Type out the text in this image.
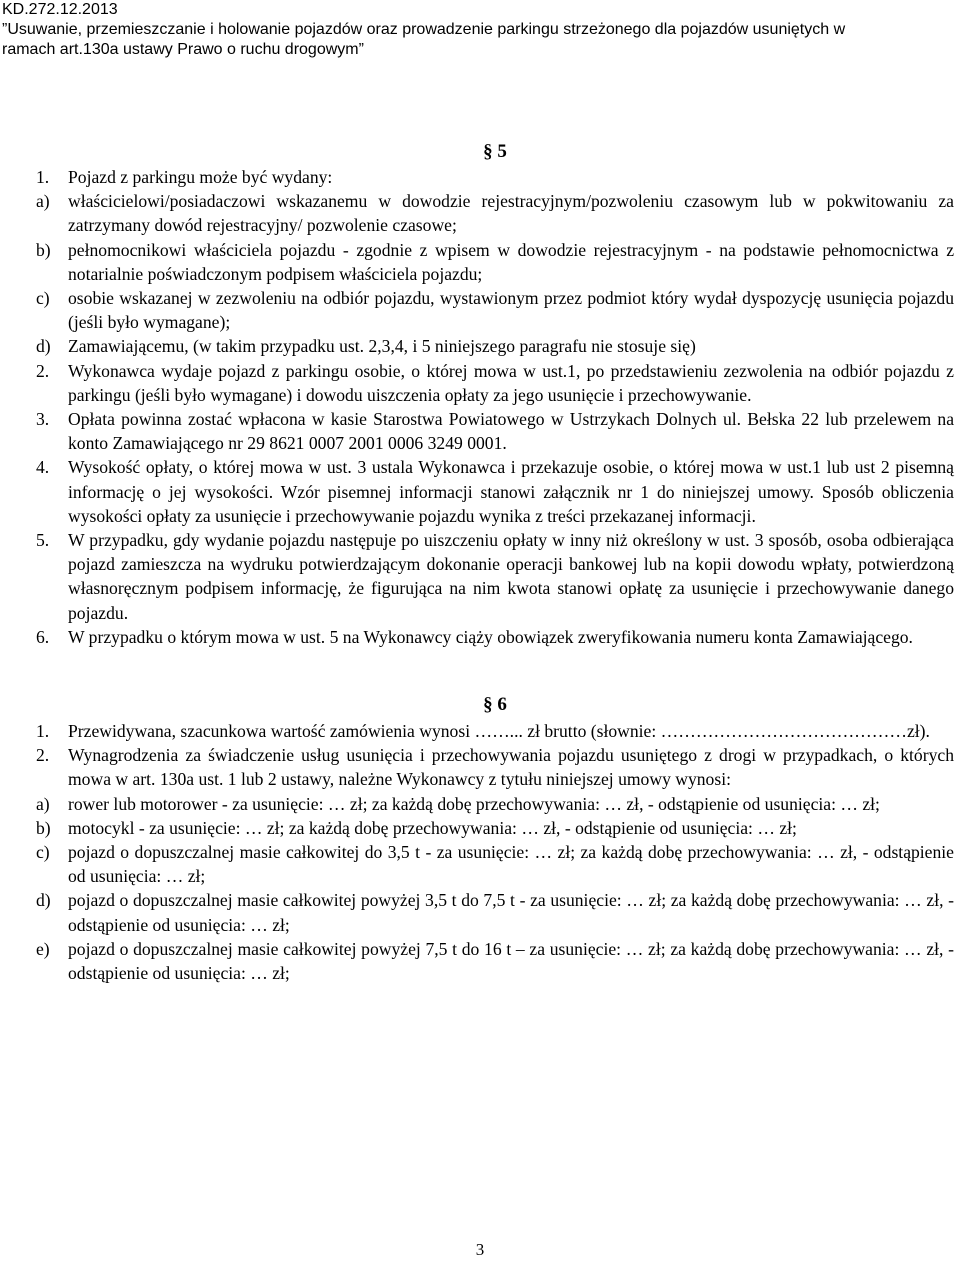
KD.272.12.2013
”Usuwanie, przemieszczanie i holowanie pojazdów oraz prowadzenie parkingu strzeżonego dla pojazdów usuniętych w
ramach art.130a ustawy Prawo o ruchu drogowym”
§ 5
1.	Pojazd z parkingu może być wydany:
a)	właścicielowi/posiadaczowi wskazanemu w dowodzie rejestracyjnym/pozwoleniu czasowym lub w pokwitowaniu za zatrzymany dowód rejestracyjny/ pozwolenie czasowe;
b) pełnomocnikowi właściciela pojazdu - zgodnie z wpisem w dowodzie rejestracyjnym - na podstawie pełnomocnictwa z notarialnie poświadczonym podpisem właściciela pojazdu;
c)	osobie wskazanej w zezwoleniu na odbiór pojazdu, wystawionym przez podmiot który wydał dyspozycję usunięcia pojazdu (jeśli było wymagane);
d) Zamawiającemu, (w takim przypadku ust. 2,3,4, i 5 niniejszego paragrafu nie stosuje się)
2.	Wykonawca wydaje pojazd z parkingu osobie, o której mowa w ust.1, po przedstawieniu zezwolenia na odbiór pojazdu z parkingu (jeśli było wymagane) i dowodu uiszczenia opłaty za jego usunięcie i przechowywanie.
3.	Opłata powinna zostać wpłacona w kasie Starostwa Powiatowego w Ustrzykach Dolnych ul. Bełska 22 lub przelewem na konto Zamawiającego nr 29 8621 0007 2001 0006 3249 0001.
4.	Wysokość opłaty, o której mowa w ust. 3 ustala Wykonawca i przekazuje osobie, o której mowa w ust.1 lub ust 2 pisemną informację o jej wysokości. Wzór pisemnej informacji stanowi załącznik nr 1 do niniejszej umowy. Sposób obliczenia wysokości opłaty za usunięcie i przechowywanie pojazdu wynika z treści przekazanej informacji.
5.	W przypadku, gdy wydanie pojazdu następuje po uiszczeniu opłaty w inny niż określony w ust. 3 sposób, osoba odbierająca pojazd zamieszcza na wydruku potwierdzającym dokonanie operacji bankowej lub na kopii dowodu wpłaty, potwierdzoną własnoręcznym podpisem informację, że figurująca na nim kwota stanowi opłatę za usunięcie i przechowywanie danego pojazdu.
6.	W przypadku o którym mowa w ust. 5 na Wykonawcy ciąży obowiązek zweryfikowania numeru konta Zamawiającego.
§ 6
1.	Przewidywana, szacunkowa wartość zamówienia wynosi ……... zł brutto (słownie: ……………………………………zł).
2.	Wynagrodzenia za świadczenie usług usunięcia i przechowywania pojazdu usuniętego z drogi w przypadkach, o których mowa w art. 130a ust. 1 lub 2 ustawy, należne Wykonawcy z tytułu niniejszej umowy wynosi:
a)	rower lub motorower - za usunięcie: … zł; za każdą dobę przechowywania: … zł, - odstąpienie od usunięcia: … zł;
b) motocykl - za usunięcie: … zł; za każdą dobę przechowywania: … zł, - odstąpienie od usunięcia: … zł;
c)	pojazd o dopuszczalnej masie całkowitej do 3,5 t - za usunięcie: … zł; za każdą dobę przechowywania: … zł, - odstąpienie od usunięcia: … zł;
d) pojazd o dopuszczalnej masie całkowitej powyżej 3,5 t do 7,5 t - za usunięcie: … zł; za każdą dobę przechowywania: … zł, - odstąpienie od usunięcia: … zł;
e)	pojazd o dopuszczalnej masie całkowitej powyżej 7,5 t do 16 t – za usunięcie: … zł; za każdą dobę przechowywania: … zł, - odstąpienie od usunięcia: … zł;
3
